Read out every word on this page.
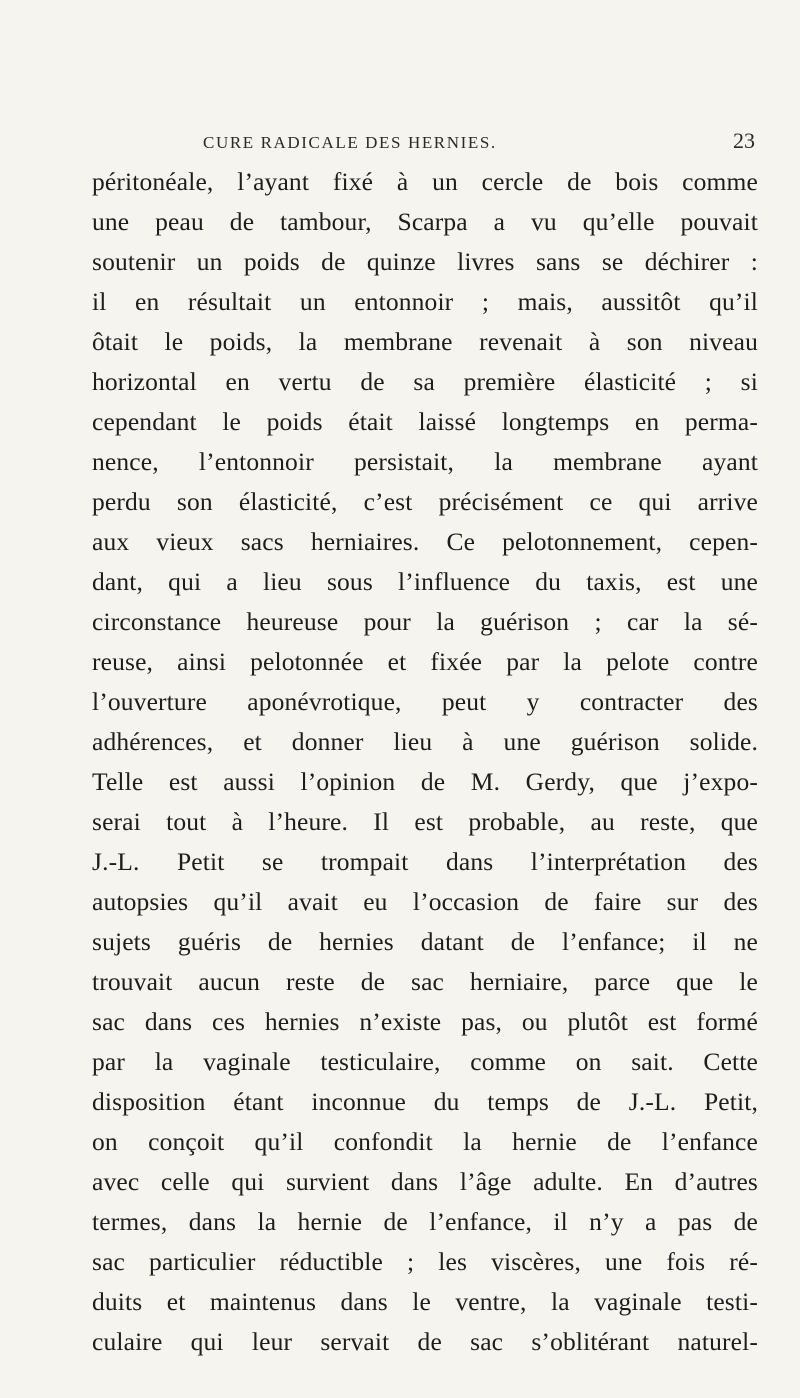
CURE RADICALE DES HERNIES.	23
péritonéale, l’ayant fixé à un cercle de bois comme
une peau de tambour, Scarpa a vu qu’elle pouvait
soutenir un poids de quinze livres sans se déchirer :
il en résultait un entonnoir ; mais, aussitôt qu’il
ôtait le poids, la membrane revenait à son niveau
horizontal en vertu de sa première élasticité ; si
cependant le poids était laissé longtemps en perma-
nence, l’entonnoir persistait, la membrane ayant
perdu son élasticité, c’est précisément ce qui arrive
aux vieux sacs herniaires. Ce pelotonnement, cepen-
dant, qui a lieu sous l’influence du taxis, est une
circonstance heureuse pour la guérison ; car la sé-
reuse, ainsi pelotonnée et fixée par la pelote contre
l’ouverture aponévrotique, peut y contracter des
adhérences, et donner lieu à une guérison solide.
Telle est aussi l’opinion de M. Gerdy, que j’expo-
serai tout à l’heure. Il est probable, au reste, que
J.-L. Petit se trompait dans l’interprétation des
autopsies qu’il avait eu l’occasion de faire sur des
sujets guéris de hernies datant de l’enfance; il ne
trouvait aucun reste de sac herniaire, parce que le
sac dans ces hernies n’existe pas, ou plutôt est formé
par la vaginale testiculaire, comme on sait. Cette
disposition étant inconnue du temps de J.-L. Petit,
on conçoit qu’il confondit la hernie de l’enfance
avec celle qui survient dans l’âge adulte. En d’autres
termes, dans la hernie de l’enfance, il n’y a pas de
sac particulier réductible ; les viscères, une fois ré-
duits et maintenus dans le ventre, la vaginale testi-
culaire qui leur servait de sac s’oblitérant naturel-
